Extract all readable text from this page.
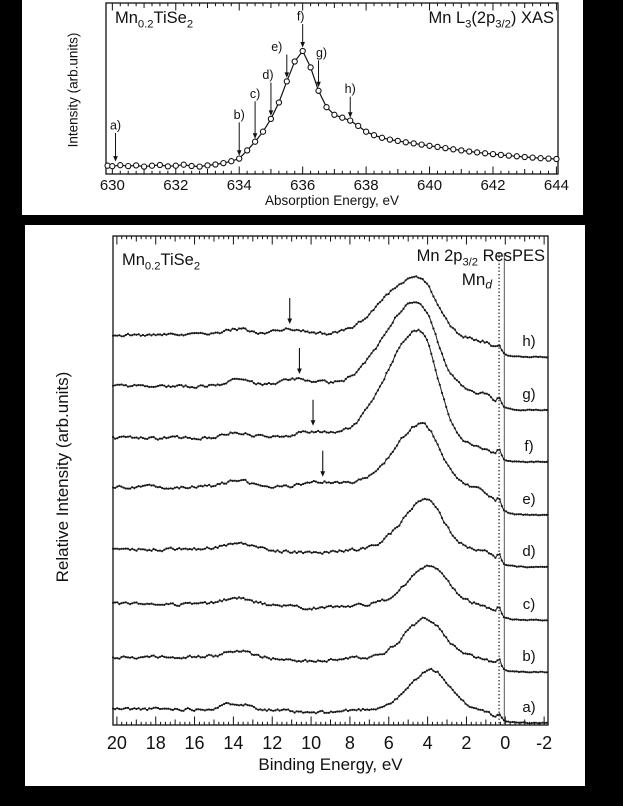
630	632	634	636	638	640	642	644
a)
b)
c)
d)
e)
f)
g)
h)
$Mn_{0.2}TiSe_2$	Mn $L_3(2p_{3/2})$ XAS
Absorption Energy, eV
Intensity (arb.units)
-2
0
2
4
6
8
10
12
14
16
18
20
$Mn_d$
a)
b)
c)
d)
e)
f)
g)
h)
$Mn_{0.2}TiSe_2$
Mn $2p_{3/2}$ ResPES
Binding Energy, eV
Relative Intensity (arb.units)
